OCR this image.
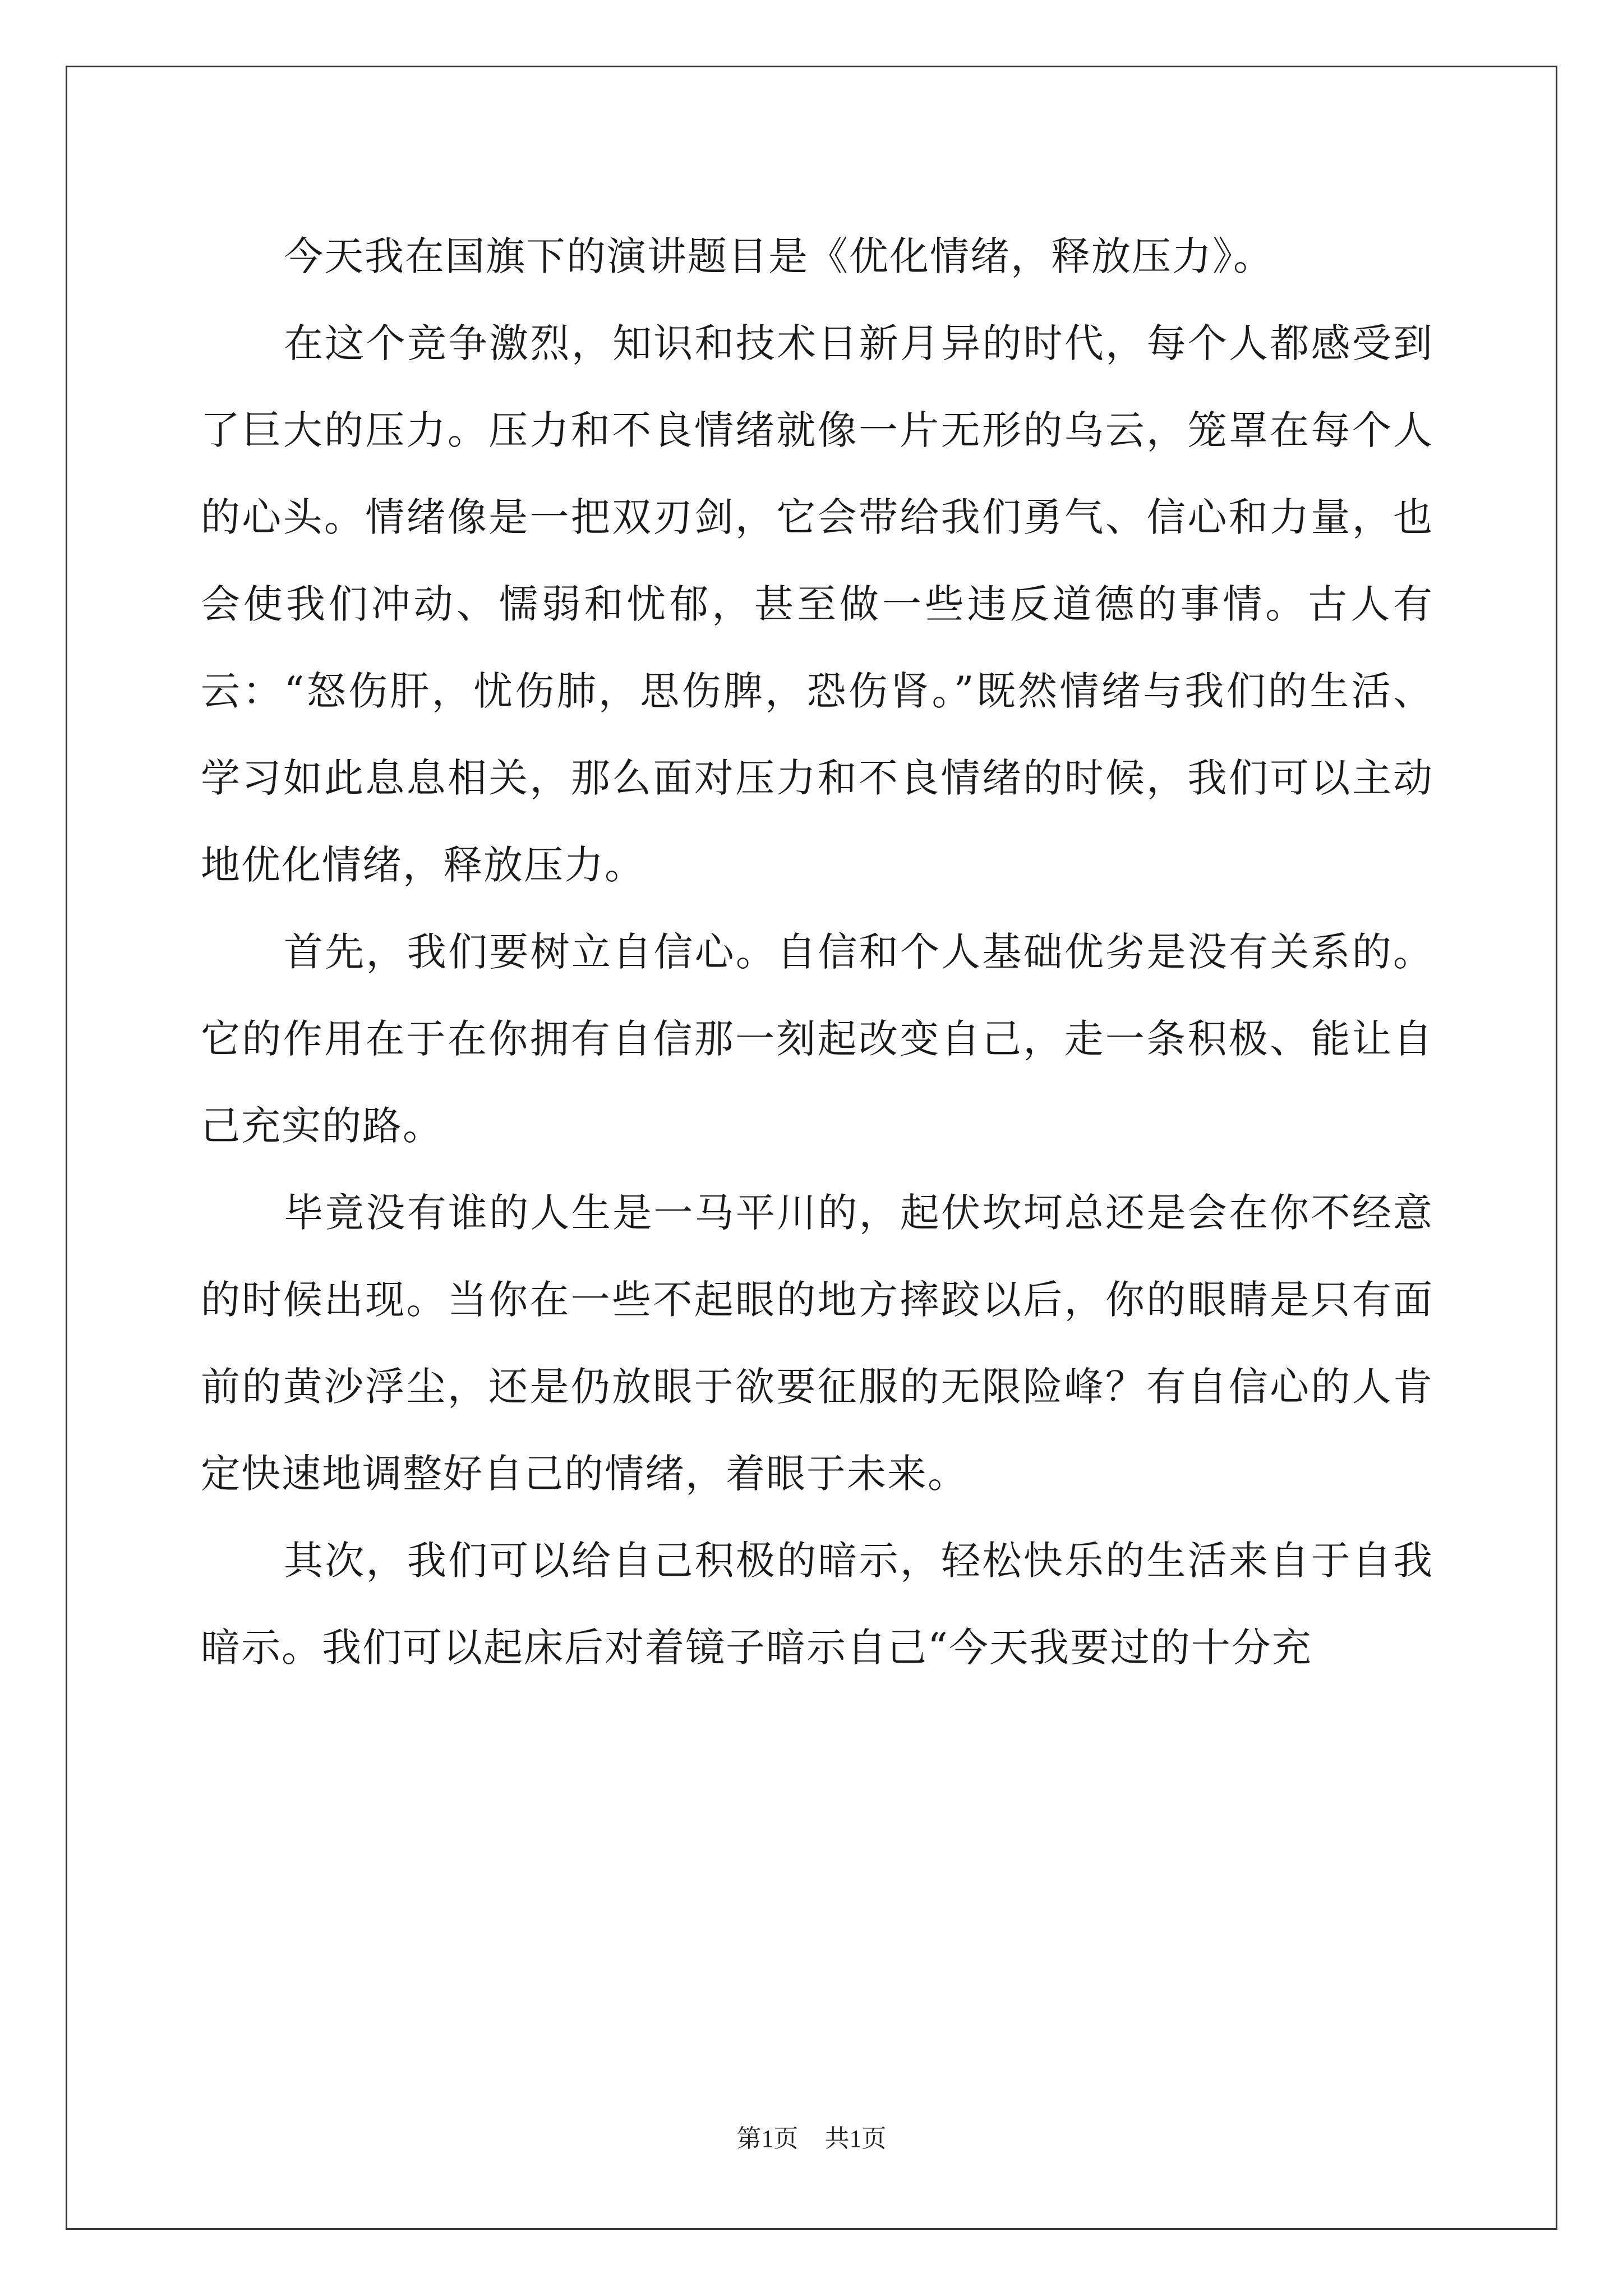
今天我在国旗下的演讲题目是《优化情绪，释放压力》。

在这个竞争激烈，知识和技术日新月异的时代，每个人都感受到了巨大的压力。压力和不良情绪就像一片无形的乌云，笼罩在每个人的心头。情绪像是一把双刃剑，它会带给我们勇气、信心和力量，也会使我们冲动、懦弱和忧郁，甚至做一些违反道德的事情。古人有云：“怒伤肝，忧伤肺，思伤脾，恐伤肾。”既然情绪与我们的生活、学习如此息息相关，那么面对压力和不良情绪的时候，我们可以主动地优化情绪，释放压力。

首先，我们要树立自信心。自信和个人基础优劣是没有关系的。它的作用在于在你拥有自信那一刻起改变自己，走一条积极、能让自己充实的路。

毕竟没有谁的人生是一马平川的，起伏坎坷总还是会在你不经意的时候出现。当你在一些不起眼的地方摔跤以后，你的眼睛是只有面前的黄沙浮尘，还是仍放眼于欲要征服的无限险峰？有自信心的人肯定快速地调整好自己的情绪，着眼于未来。

其次，我们可以给自己积极的暗示，轻松快乐的生活来自于自我暗示。我们可以起床后对着镜子暗示自己“今天我要过的十分充

第1页 共1页
